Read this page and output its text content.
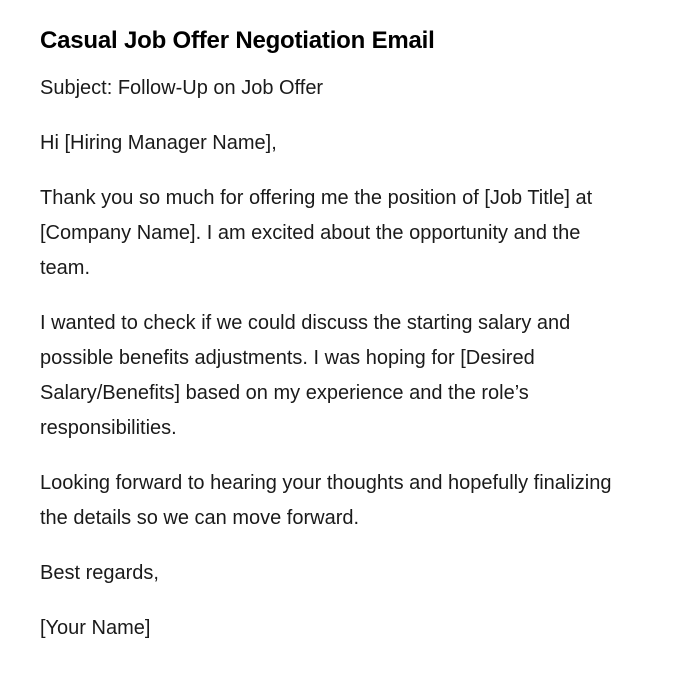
Casual Job Offer Negotiation Email

Subject: Follow-Up on Job Offer

Hi [Hiring Manager Name],

Thank you so much for offering me the position of [Job Title] at [Company Name]. I am excited about the opportunity and the team.

I wanted to check if we could discuss the starting salary and possible benefits adjustments. I was hoping for [Desired Salary/Benefits] based on my experience and the role’s responsibilities.

Looking forward to hearing your thoughts and hopefully finalizing the details so we can move forward.

Best regards,

[Your Name]
